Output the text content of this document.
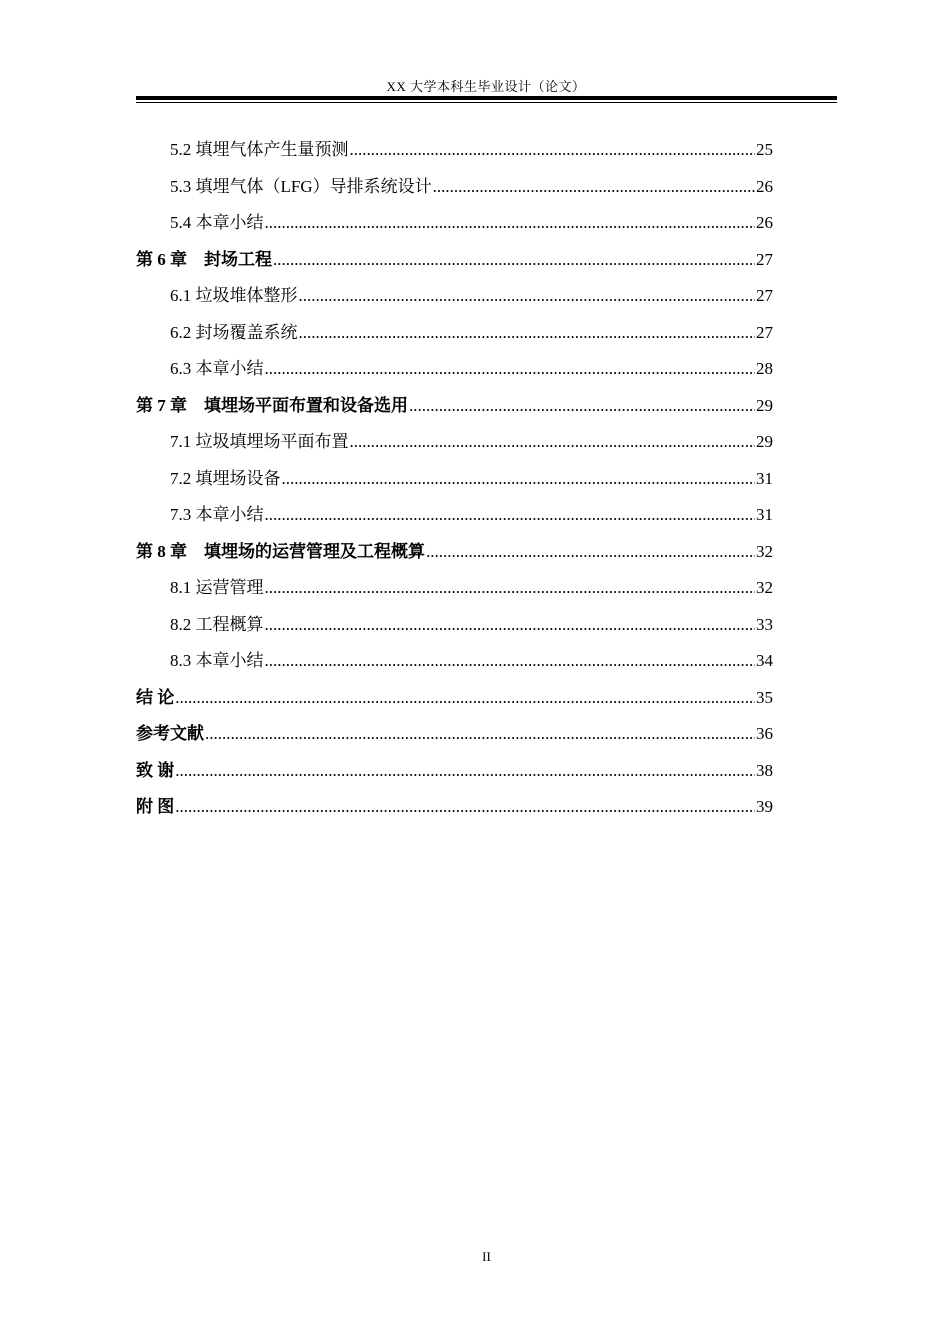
XX 大学本科生毕业设计（论文）
5.2 填埋气体产生量预测 .....	25
5.3 填埋气体（LFG）导排系统设计 .....	26
5.4 本章小结 .....	26
第 6 章　封场工程 .....	27
6.1 垃圾堆体整形 .....	27
6.2 封场覆盖系统 .....	27
6.3 本章小结 .....	28
第 7 章　填埋场平面布置和设备选用 .....	29
7.1 垃圾填埋场平面布置 .....	29
7.2 填埋场设备 .....	31
7.3 本章小结 .....	31
第 8 章　填埋场的运营管理及工程概算 .....	32
8.1 运营管理 .....	32
8.2 工程概算 .....	33
8.3 本章小结 .....	34
结 论 .....	35
参考文献 .....	36
致 谢 .....	38
附 图 .....	39
II
